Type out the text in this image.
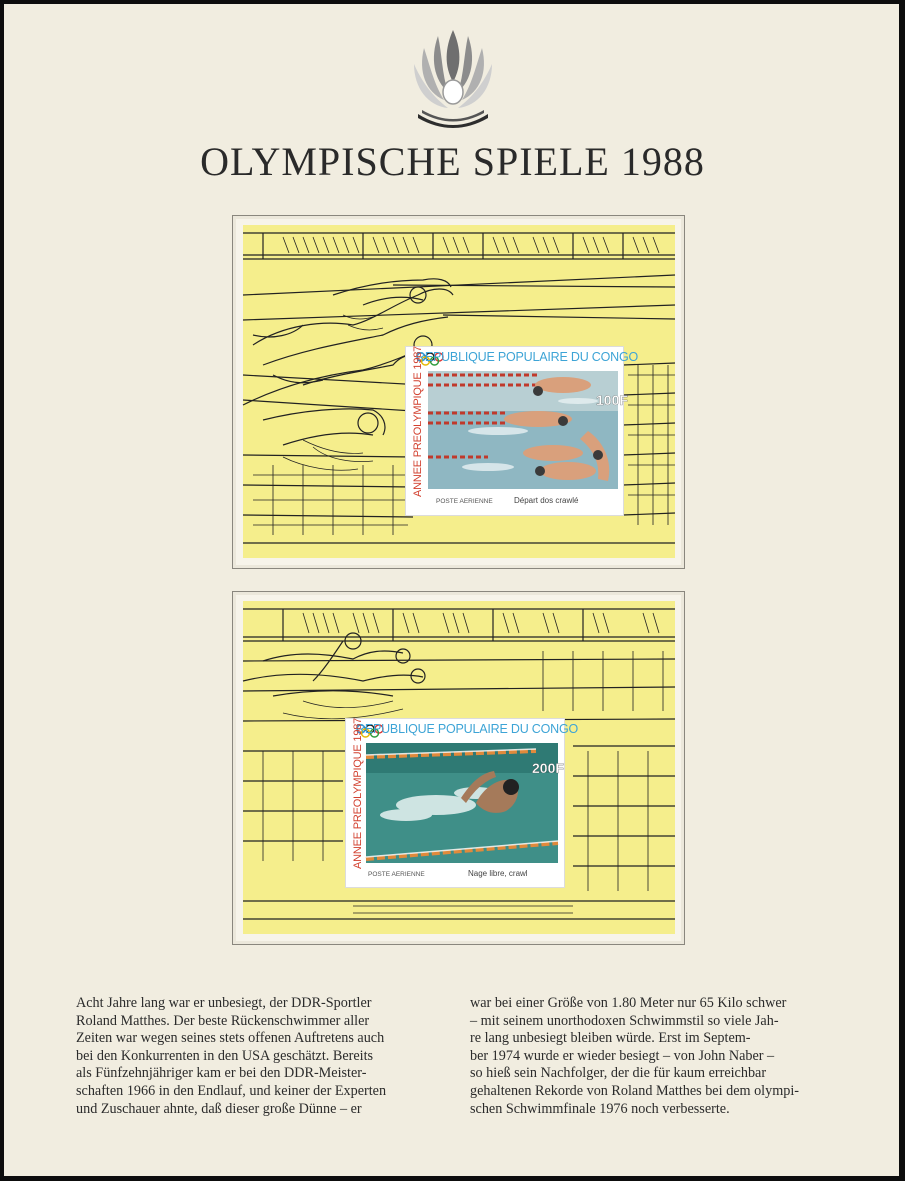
OLYMPISCHE SPIELE 1988
REPUBLIQUE POPULAIRE DU CONGO
ANNEE PREOLYMPIQUE 1987	100F
POSTE AERIENNE	Départ dos crawlé
REPUBLIQUE POPULAIRE DU CONGO
ANNEE PREOLYMPIQUE 1987	200F
POSTE AERIENNE	Nage libre, crawl
Acht Jahre lang war er unbesiegt, der DDR-Sportler
Roland Matthes. Der beste Rückenschwimmer aller
Zeiten war wegen seines stets offenen Auftretens auch
bei den Konkurrenten in den USA geschätzt. Bereits
als Fünfzehnjähriger kam er bei den DDR-Meister-
schaften 1966 in den Endlauf, und keiner der Experten
und Zuschauer ahnte, daß dieser große Dünne – er
war bei einer Größe von 1.80 Meter nur 65 Kilo schwer
– mit seinem unorthodoxen Schwimmstil so viele Jah-
re lang unbesiegt bleiben würde. Erst im Septem-
ber 1974 wurde er wieder besiegt – von John Naber –
so hieß sein Nachfolger, der die für kaum erreichbar
gehaltenen Rekorde von Roland Matthes bei dem olympi-
schen Schwimmfinale 1976 noch verbesserte.
